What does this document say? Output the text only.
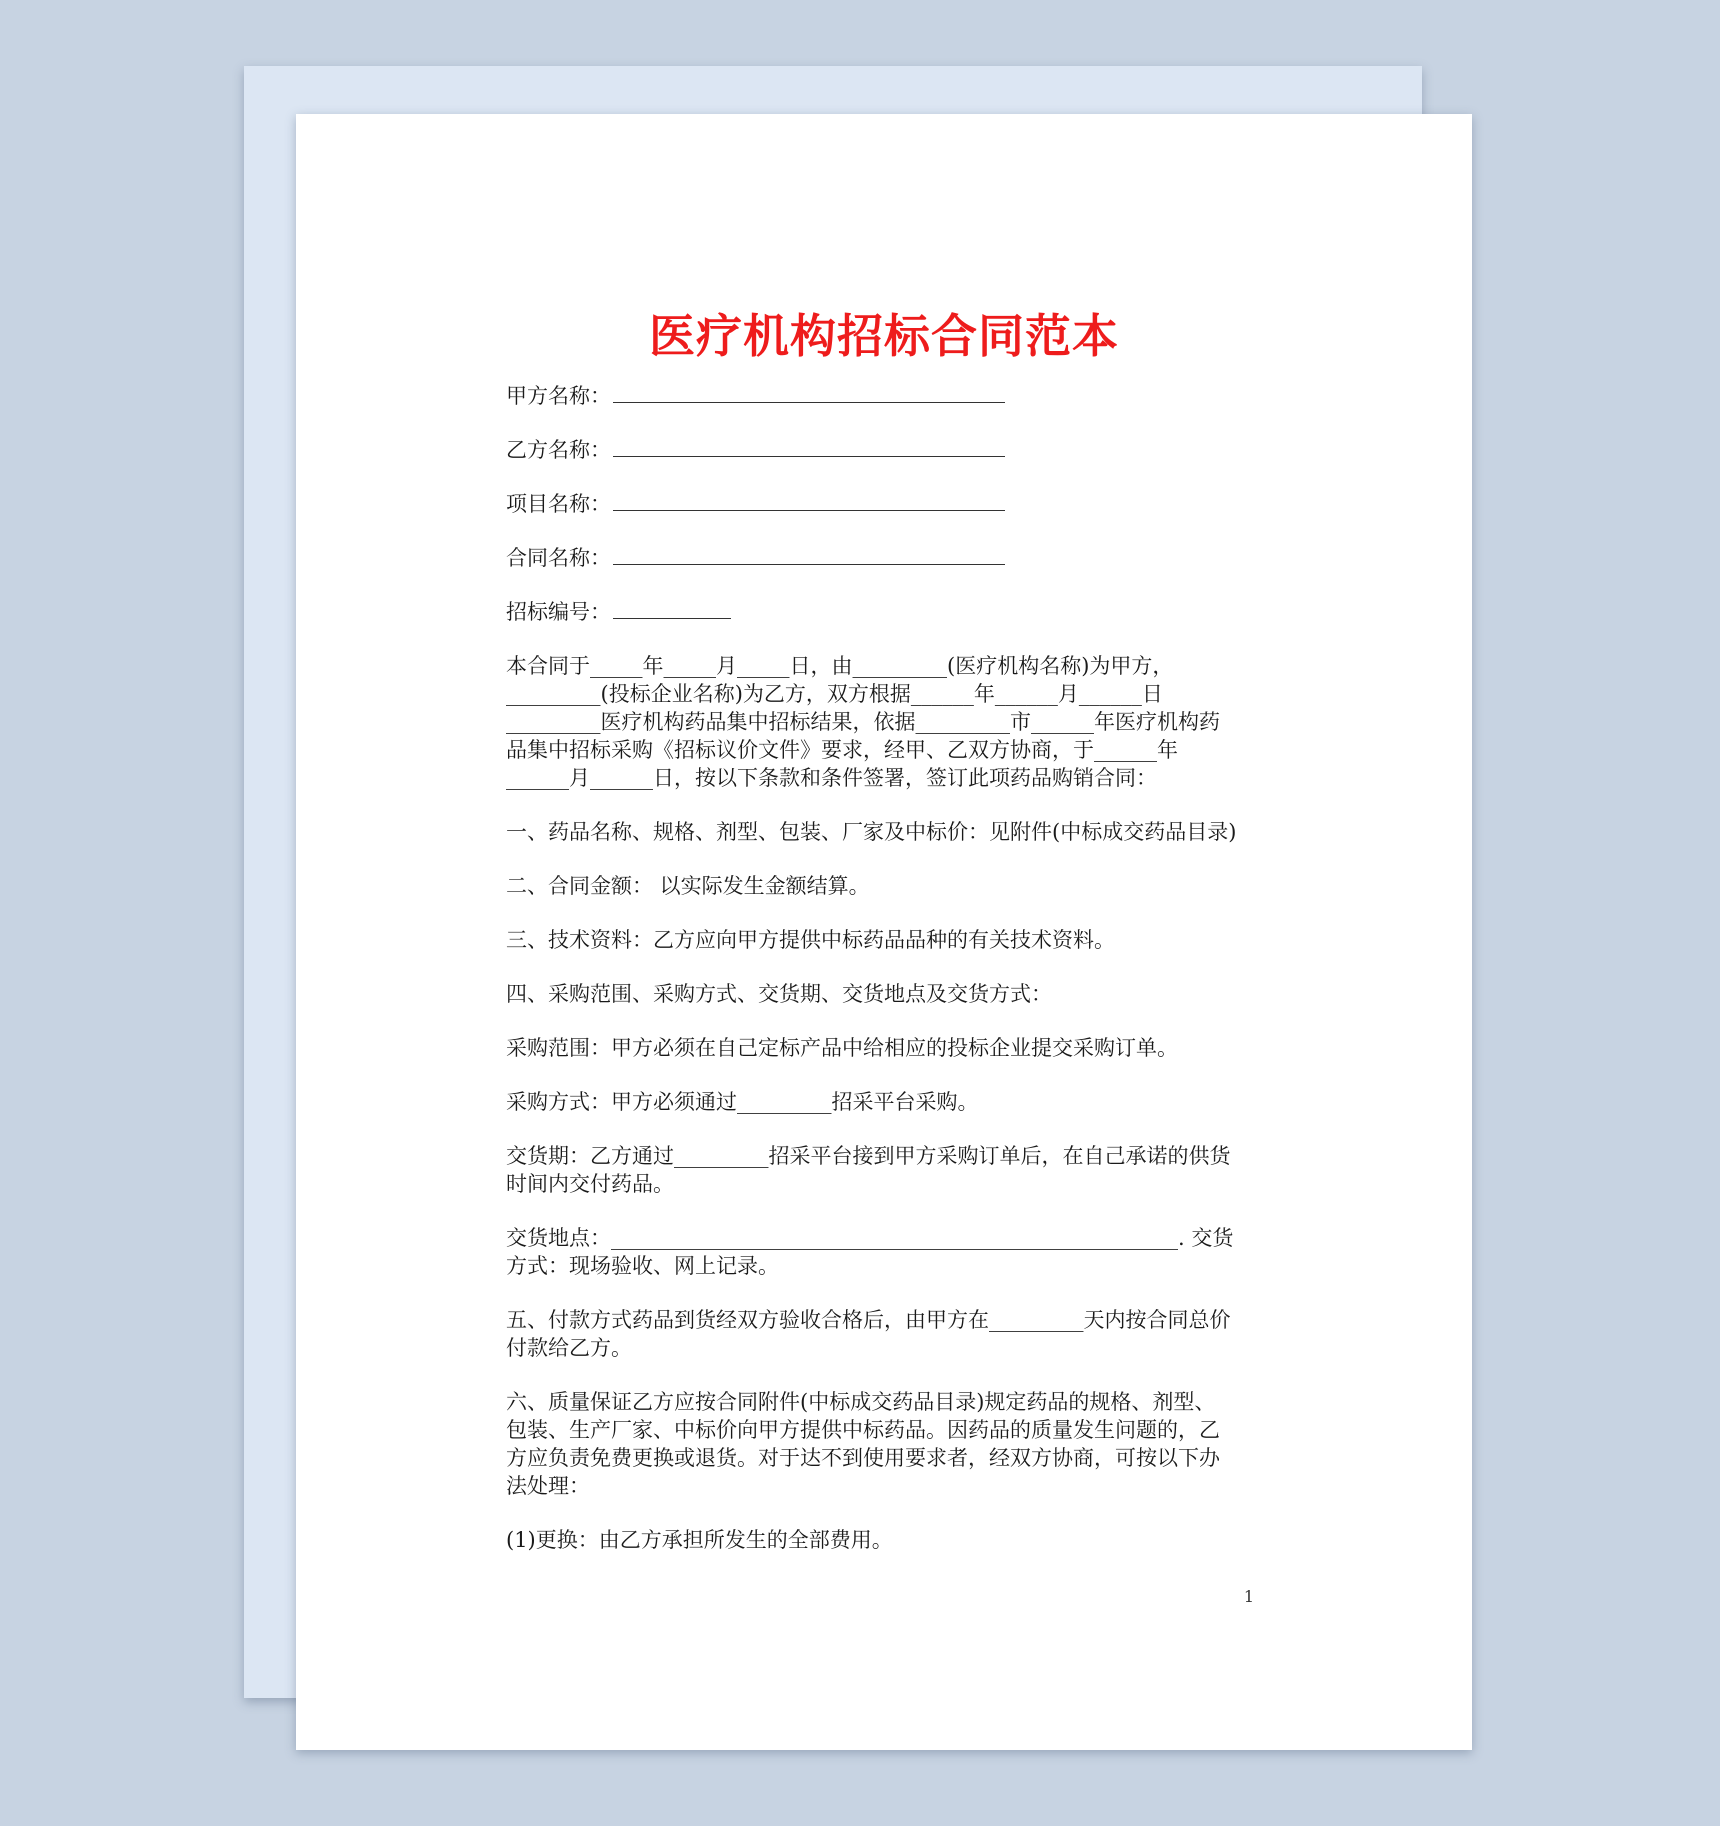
医疗机构招标合同范本
甲方名称：
乙方名称：
项目名称：
合同名称：
招标编号：
本合同于_____年_____月_____日，由_________(医疗机构名称)为甲方，
_________(投标企业名称)为乙方，双方根据______年______月______日
_________医疗机构药品集中招标结果，依据_________市______年医疗机构药
品集中招标采购《招标议价文件》要求，经甲、乙双方协商，于______年
______月______日，按以下条款和条件签署，签订此项药品购销合同：
一、药品名称、规格、剂型、包装、厂家及中标价：见附件(中标成交药品目录)
二、合同金额： 以实际发生金额结算。
三、技术资料：乙方应向甲方提供中标药品品种的有关技术资料。
四、采购范围、采购方式、交货期、交货地点及交货方式：
采购范围：甲方必须在自己定标产品中给相应的投标企业提交采购订单。
采购方式：甲方必须通过_________招采平台采购。
交货期：乙方通过_________招采平台接到甲方采购订单后，在自己承诺的供货
时间内交付药品。
交货地点：______________________________________________________. 交货
方式：现场验收、网上记录。
五、付款方式药品到货经双方验收合格后，由甲方在_________天内按合同总价
付款给乙方。
六、质量保证乙方应按合同附件(中标成交药品目录)规定药品的规格、剂型、
包装、生产厂家、中标价向甲方提供中标药品。因药品的质量发生问题的，乙
方应负责免费更换或退货。对于达不到使用要求者，经双方协商，可按以下办
法处理：
(1)更换：由乙方承担所发生的全部费用。
1
